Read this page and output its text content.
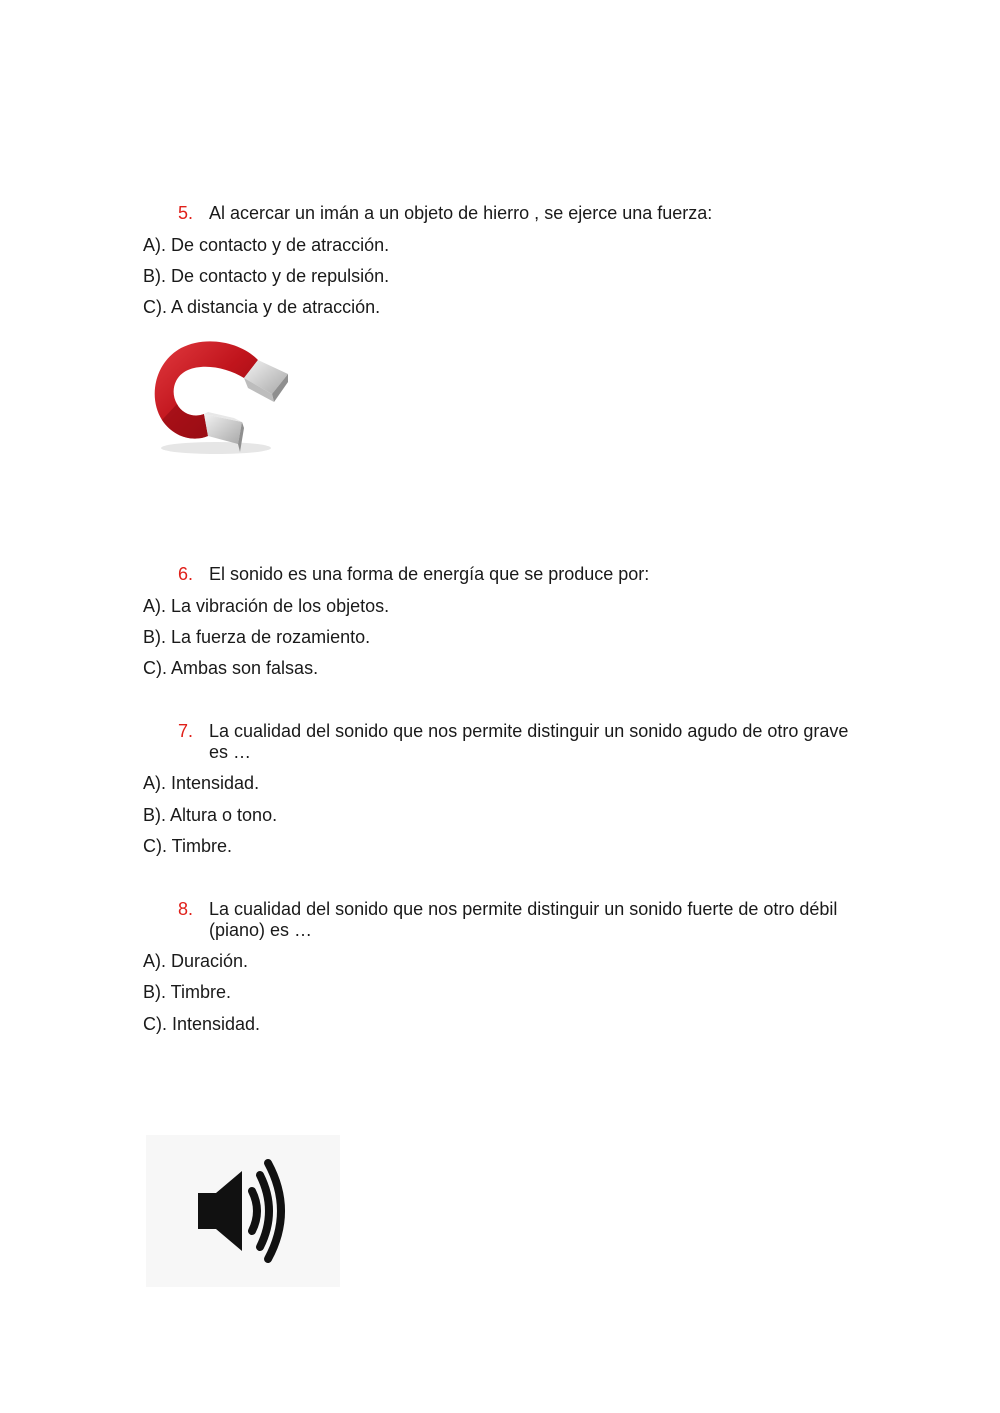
5. Al acercar un imán a un objeto de hierro , se ejerce una fuerza:
A). De contacto y de atracción.
B). De contacto y de repulsión.
C). A distancia y de atracción.
6. El sonido es una forma de energía que se produce por:
A). La vibración de los objetos.
B). La fuerza de rozamiento.
C). Ambas son falsas.
7. La cualidad del sonido que nos permite distinguir un sonido agudo de otro grave es …
A). Intensidad.
B). Altura o tono.
C). Timbre.
8. La cualidad del sonido que nos permite distinguir un sonido fuerte de otro débil (piano) es …
A). Duración.
B). Timbre.
C). Intensidad.
